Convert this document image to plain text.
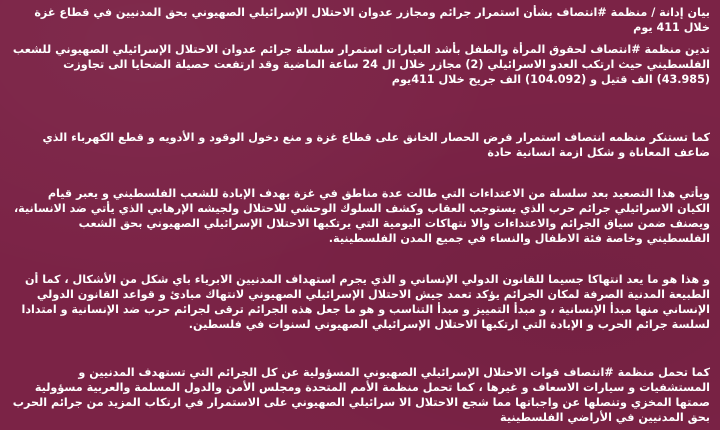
بيان إدانة / منظمة #انتصاف بشأن استمرار جرائم ومجازر عدوان الاحتلال الإسرائيلي الصهيوني بحق المدنيين في قطاع غزة خلال 411 يوم

تدين منظمة #انتصاف لحقوق المرأة والطفل بأشد العبارات استمرار سلسلة جرائم عدوان الاحتلال الإسرائيلي الصهيوني للشعب الفلسطيني حيث ارتكب العدو الاسرائيلي (2) مجازر خلال ال 24 ساعة الماضية وقد ارتفعت حصيلة الضحايا الى تجاوزت (43.985) الف قتيل و (104.092) الف جريح خلال 411يوم

كما تستنكر منظمه انتصاف استمرار فرض الحصار الخانق على قطاع غزة و منع دخول الوقود و الأدويه و قطع الكهرباء الذي ضاعف المعاناة و شكل ازمة انسانية حادة

ويأتي هذا التصعيد بعد سلسلة من الاعتداءات التي طالت عدة مناطق في غزة بهدف الإبادة للشعب الفلسطيني و يعبر قيام الكيان الاسرائيلي جرائم حرب الذي يستوجب العقاب وكشف السلوك الوحشي للاحتلال ولجيشه الإرهابي الذي يأتي ضد الانسانية، ويصنف ضمن سياق الجرائم والاعتداءات والا نتهاكات اليومية التي يرتكبها الاحتلال الإسرائيلي الصهيوني بحق الشعب الفلسطيني وخاصة فئة الاطفال والنساء في جميع المدن الفلسطينية.

و هذا هو ما يعد انتهاكا جسيما للقانون الدولي الإنساني و الذي يجرم استهداف المدنيين الابرياء باي شكل من الأشكال ، كما أن الطبيعة المدنية الصرفة لمكان الجرائم يؤكد تعمد جيش الاحتلال الإسرائيلي الصهيوني لانتهاك مبادئ و قواعد القانون الدولي الإنساني منها مبدأ الإنسانية ، و مبدأ التمييز و مبدأ التناسب و هو ما جعل هذه الجرائم ترقى لجرائم حرب ضد الإنسانية و امتدادا لسلسة جرائم الحرب و الإبادة التي ارتكبها الاحتلال الإسرائيلي الصهيوني لسنوات في فلسطين.

كما تحمل منظمة #انتصاف قوات الاحتلال الإسرائيلي الصهيوني المسؤولية عن كل الجرائم التي تستهدف المدنيين و المستشفيات و سيارات الاسعاف و غيرها ، كما تحمل منظمة الأمم المتحدة ومجلس الأمن والدول المسلمة والعربية مسؤولية صمتها المخزي وتنصلها عن واجباتها مما شجع الاحتلال الا سرائيلي الصهيوني على الاستمرار في ارتكاب المزيد من جرائم الحرب بحق المدنيين في الأراضي الفلسطينية
